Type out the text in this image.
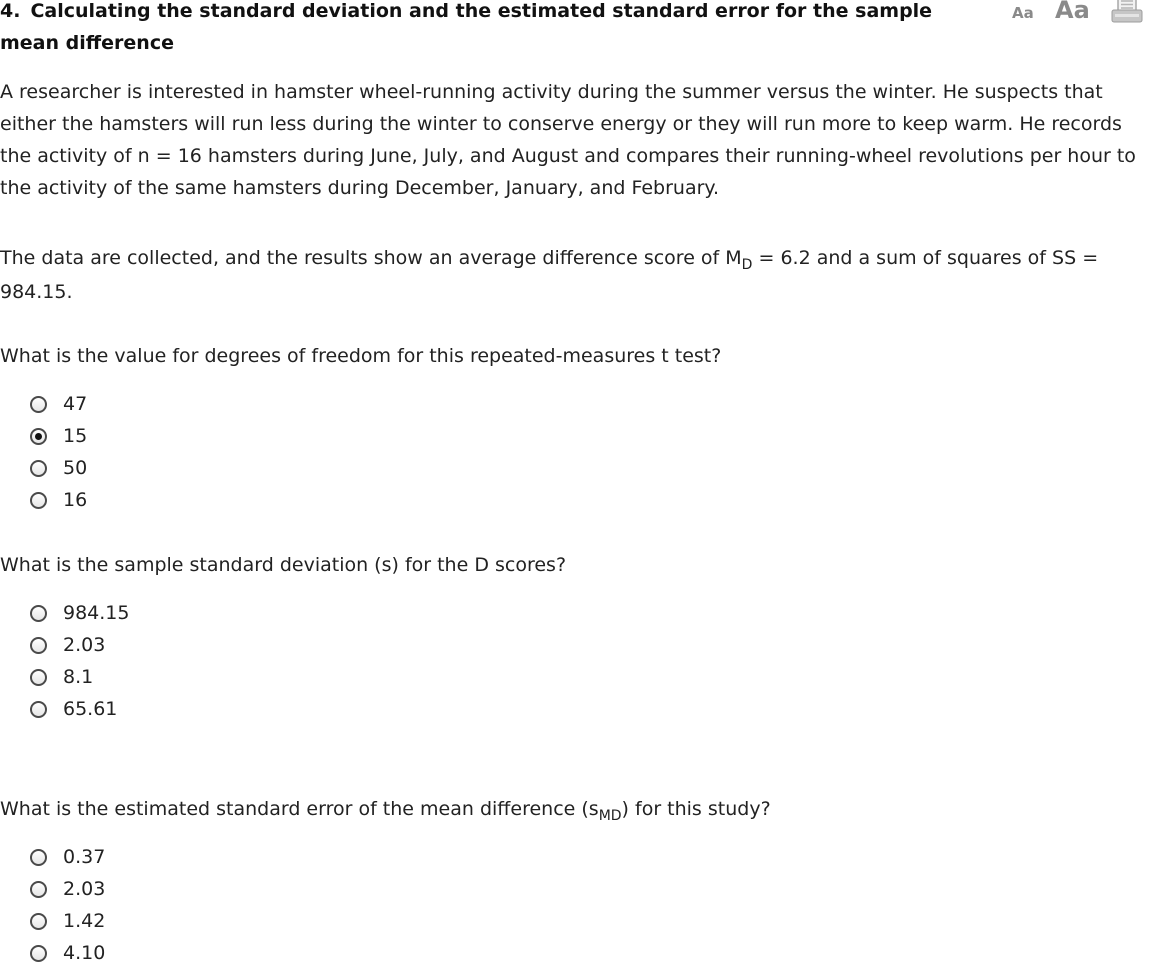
4. Calculating the standard deviation and the estimated standard error for the sample mean difference
Aa Aa

A researcher is interested in hamster wheel-running activity during the summer versus the winter. He suspects that either the hamsters will run less during the winter to conserve energy or they will run more to keep warm. He records the activity of n = 16 hamsters during June, July, and August and compares their running-wheel revolutions per hour to the activity of the same hamsters during December, January, and February.

The data are collected, and the results show an average difference score of $M_D = 6.2$ and a sum of squares of SS = 984.15.

What is the value for degrees of freedom for this repeated-measures t test?

47
15
50
16

What is the sample standard deviation (s) for the D scores?

984.15
2.03
8.1
65.61

What is the estimated standard error of the mean difference $(s_{MD})$ for this study?

0.37
2.03
1.42
4.10
